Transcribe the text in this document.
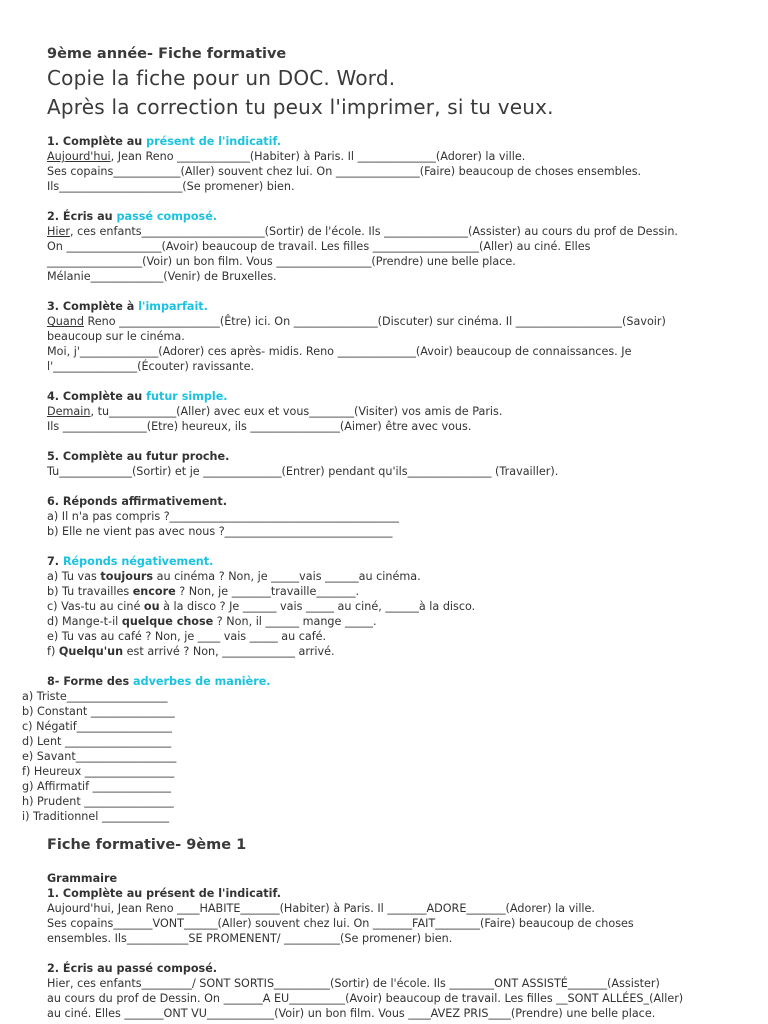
9ème année- Fiche formative
Copie la fiche pour un DOC. Word.
Après la correction tu peux l'imprimer, si tu veux.
1. Complète au présent de l'indicatif.
Aujourd'hui, Jean Reno _____________(Habiter) à Paris. Il ______________(Adorer) la ville.
Ses copains____________(Aller) souvent chez lui. On _______________(Faire) beaucoup de choses ensembles.
Ils______________________(Se promener) bien.
2. Écris au passé composé.
Hier, ces enfants______________________(Sortir) de l'école. Ils _______________(Assister) au cours du prof de Dessin.
On _________________(Avoir) beaucoup de travail. Les filles ___________________(Aller) au ciné. Elles
_________________(Voir) un bon film. Vous _________________(Prendre) une belle place.
Mélanie_____________(Venir) de Bruxelles.
3. Complète à l'imparfait.
Quand Reno __________________(Être) ici. On _______________(Discuter) sur cinéma. Il ___________________(Savoir)
beaucoup sur le cinéma.
Moi, j'______________(Adorer) ces après- midis. Reno ______________(Avoir) beaucoup de connaissances. Je
l'_______________(Écouter) ravissante.
4. Complète au futur simple.
Demain, tu____________(Aller) avec eux et vous________(Visiter) vos amis de Paris.
Ils _______________(Etre) heureux, ils ________________(Aimer) être avec vous.
5. Complète au futur proche.
Tu_____________(Sortir) et je ______________(Entrer) pendant qu'ils_______________ (Travailler).
6. Réponds affirmativement.
a) Il n'a pas compris ?_________________________________________
b) Elle ne vient pas avec nous ?______________________________
7. Réponds négativement.
a) Tu vas toujours au cinéma ? Non, je _____vais ______au cinéma.
b) Tu travailles encore ? Non, je _______travaille_______.
c) Vas-tu au ciné ou à la disco ? Je ______ vais _____ au ciné, ______à la disco.
d) Mange-t-il quelque chose ? Non, il ______ mange _____.
e) Tu vas au café ? Non, je ____ vais _____ au café.
f) Quelqu'un est arrivé ? Non, _____________ arrivé.
8- Forme des adverbes de manière.
a) Triste__________________
b) Constant _______________
c) Négatif_________________
d) Lent ___________________
e) Savant__________________
f) Heureux ________________
g) Affirmatif ______________
h) Prudent ________________
i) Traditionnel ____________
Fiche formative- 9ème 1
Grammaire
1. Complète au présent de l'indicatif.
Aujourd'hui, Jean Reno ____HABITE_______(Habiter) à Paris. Il _______ADORE_______(Adorer) la ville.
Ses copains_______VONT______(Aller) souvent chez lui. On _______FAIT________(Faire) beaucoup de choses
ensembles. Ils___________SE PROMENENT/ __________(Se promener) bien.
2. Écris au passé composé.
Hier, ces enfants_________/ SONT SORTIS__________(Sortir) de l'école. Ils ________ONT ASSISTÉ_______(Assister)
au cours du prof de Dessin. On _______A EU__________(Avoir) beaucoup de travail. Les filles __SONT ALLÉES_(Aller)
au ciné. Elles _______ONT VU____________(Voir) un bon film. Vous ____AVEZ PRIS____(Prendre) une belle place.
